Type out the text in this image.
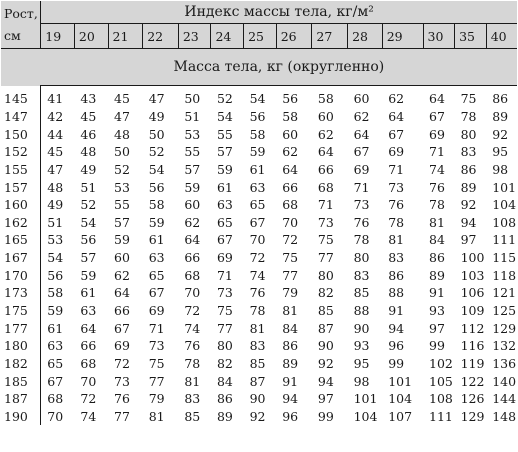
Рост,
см	Индекс массы тела, кг/м²													
	19	20	21	22	23	24	25	26	27	28	29	30	35	40
	Масса тела, кг (округленно)													

145	41	43	45	47	50	52	54	56	58	60	62	64	75	86
147	42	45	47	49	51	54	56	58	60	62	64	67	78	89
150	44	46	48	50	53	55	58	60	62	64	67	69	80	92
152	45	48	50	52	55	57	59	62	64	67	69	71	83	95
155	47	49	52	54	57	59	61	64	66	69	71	74	86	98
157	48	51	53	56	59	61	63	66	68	71	73	76	89	101
160	49	52	55	58	60	63	65	68	71	73	76	78	92	104
162	51	54	57	59	62	65	67	70	73	76	78	81	94	108
165	53	56	59	61	64	67	70	72	75	78	81	84	97	111
167	54	57	60	63	66	69	72	75	77	80	83	86	100	115
170	56	59	62	65	68	71	74	77	80	83	86	89	103	118
173	58	61	64	67	70	73	76	79	82	85	88	91	106	121
175	59	63	66	69	72	75	78	81	85	88	91	93	109	125
177	61	64	67	71	74	77	81	84	87	90	94	97	112	129
180	63	66	69	73	76	80	83	86	90	93	96	99	116	132
182	65	68	72	75	78	82	85	89	92	95	99	102	119	136
185	67	70	73	77	81	84	87	91	94	98	101	105	122	140
187	68	72	76	79	83	86	90	94	97	101	104	108	126	144
190	70	74	77	81	85	89	92	96	99	104	107	111	129	148
